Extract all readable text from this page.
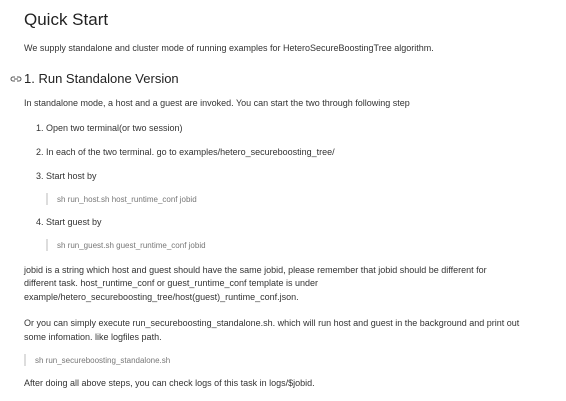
Quick Start

We supply standalone and cluster mode of running examples for HeteroSecureBoostingTree algorithm.

1. Run Standalone Version

In standalone mode, a host and a guest are invoked. You can start the two through following step

1. Open two terminal(or two session)

2. In each of the two terminal. go to examples/hetero_secureboosting_tree/

3. Start host by

sh run_host.sh host_runtime_conf jobid

4. Start guest by

sh run_guest.sh guest_runtime_conf jobid

jobid is a string which host and guest should have the same jobid, please remember that jobid should be different for

different task. host_runtime_conf or guest_runtime_conf template is under

example/hetero_secureboosting_tree/host(guest)_runtime_conf.json.

Or you can simply execute run_secureboosting_standalone.sh. which will run host and guest in the background and print out

some infomation. like logfiles path.

sh run_secureboosting_standalone.sh

After doing all above steps, you can check logs of this task in logs/$jobid.
